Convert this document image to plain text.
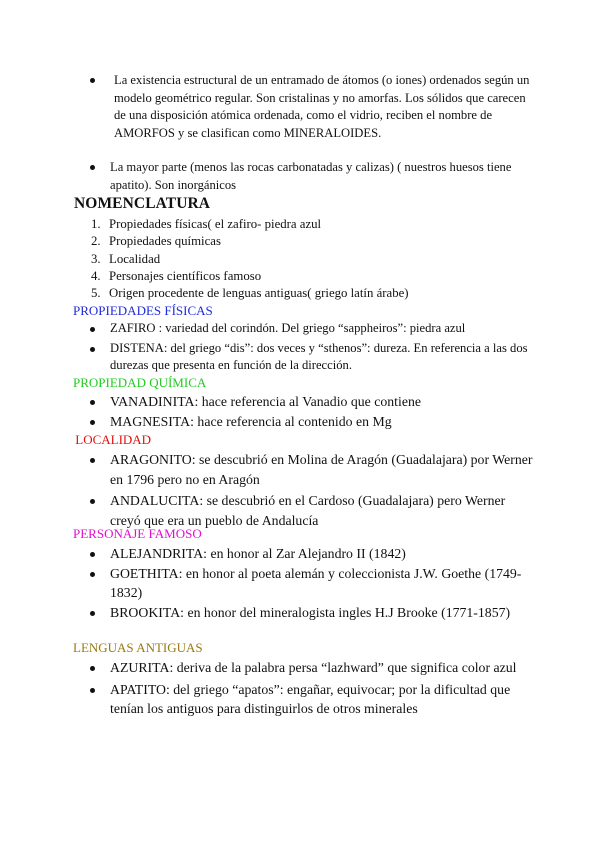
La existencia estructural de un entramado de átomos (o iones) ordenados según un modelo geométrico regular. Son cristalinas y no amorfas. Los sólidos que carecen de una disposición atómica ordenada, como el vidrio, reciben el nombre de AMORFOS y se clasifican como MINERALOIDES.
La mayor parte (menos las rocas carbonatadas y calizas) ( nuestros huesos tiene apatito). Son inorgánicos
NOMENCLATURA
1. Propiedades físicas( el zafiro- piedra azul
2. Propiedades químicas
3. Localidad
4. Personajes científicos famoso
5. Origen procedente de lenguas antiguas( griego latín árabe)
PROPIEDADES FÍSICAS
ZAFIRO : variedad del corindón. Del griego “sappheiros”: piedra azul
DISTENA: del griego “dis”: dos veces y “sthenos”: dureza. En referencia a las dos durezas que presenta en función de la dirección.
PROPIEDAD QUÍMICA
VANADINITA: hace referencia al Vanadio que contiene
MAGNESITA: hace referencia al contenido en Mg
LOCALIDAD
ARAGONITO: se descubrió en Molina de Aragón (Guadalajara) por Werner en 1796 pero no en Aragón
ANDALUCITA: se descubrió en el Cardoso (Guadalajara) pero Werner creyó que era un pueblo de Andalucía
PERSONAJE FAMOSO
ALEJANDRITA: en honor al Zar Alejandro II (1842)
GOETHITA: en honor al poeta alemán y coleccionista J.W. Goethe (1749- 1832)
BROOKITA: en honor del mineralogista ingles H.J Brooke (1771-1857)
LENGUAS ANTIGUAS
AZURITA: deriva de la palabra persa “lazhward” que significa color azul
APATITO: del griego “apatos”: engañar, equivocar; por la dificultad que tenían los antiguos para distinguirlos de otros minerales
